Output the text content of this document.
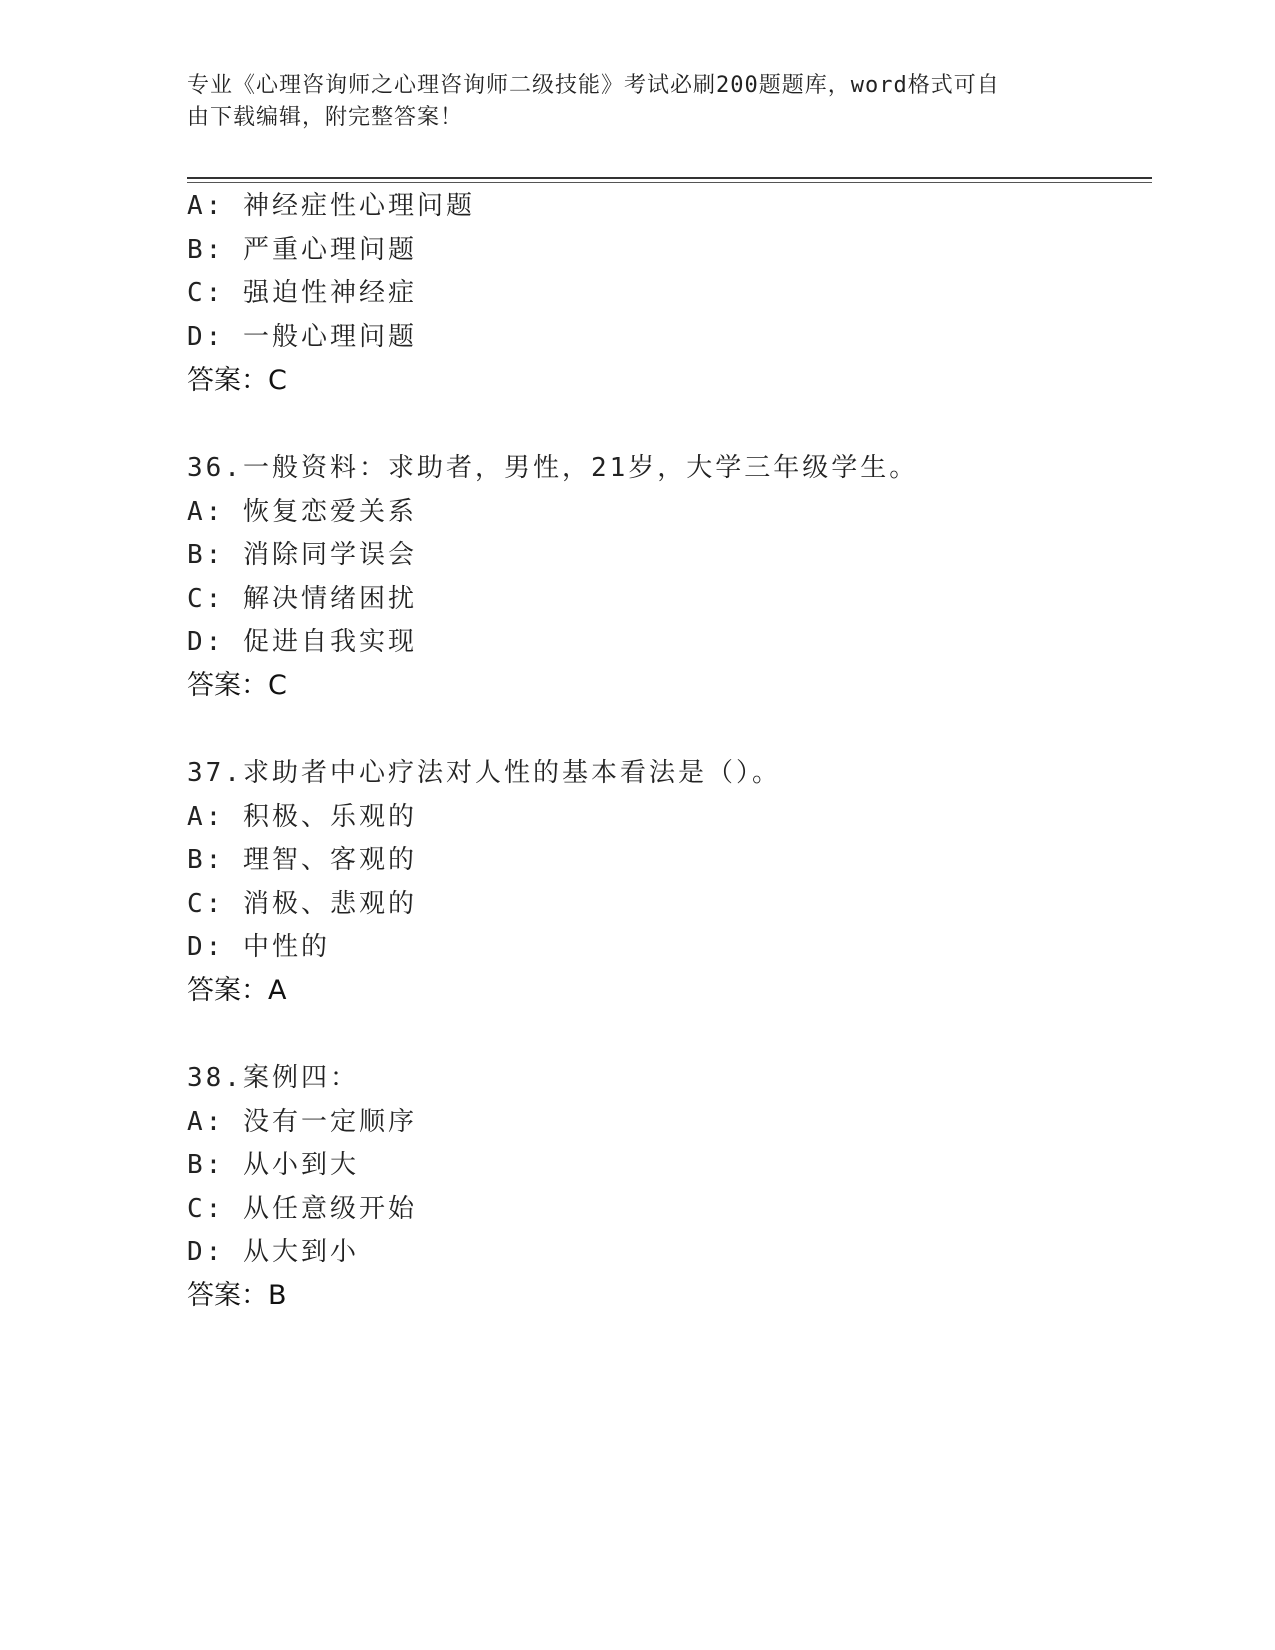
专业《心理咨询师之心理咨询师二级技能》考试必刷200题题库，word格式可自
由下载编辑，附完整答案！
A: 神经症性心理问题
B: 严重心理问题
C: 强迫性神经症
D: 一般心理问题
答案：C
36.一般资料：求助者，男性，21岁，大学三年级学生。
A: 恢复恋爱关系
B: 消除同学误会
C: 解决情绪困扰
D: 促进自我实现
答案：C
37.求助者中心疗法对人性的基本看法是（）。
A: 积极、乐观的
B: 理智、客观的
C: 消极、悲观的
D: 中性的
答案：A
38.案例四：
A: 没有一定顺序
B: 从小到大
C: 从任意级开始
D: 从大到小
答案：B
